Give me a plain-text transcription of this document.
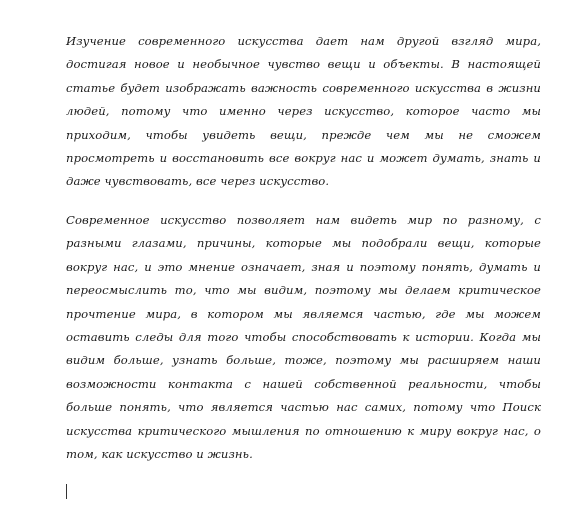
Изучение современного искусства дает нам другой взгляд мира, достигая новое и необычное чувство вещи и объекты. В настоящей статье будет изображать важность современного искусства в жизни людей, потому что именно через искусство, которое часто мы приходим, чтобы увидеть вещи, прежде чем мы не сможем просмотреть и восстановить все вокруг нас и может думать, знать и даже чувствовать, все через искусство.

Современное искусство позволяет нам видеть мир по разному, с разными глазами, причины, которые мы подобрали вещи, которые вокруг нас, и это мнение означает, зная и поэтому понять, думать и переосмыслить то, что мы видим, поэтому мы делаем критическое прочтение мира, в котором мы являемся частью, где мы можем оставить следы для того чтобы способствовать к истории. Когда мы видим больше, узнать больше, тоже, поэтому мы расширяем наши возможности контакта с нашей собственной реальности, чтобы больше понять, что является частью нас самих, потому что Поиск искусства критического мышления по отношению к миру вокруг нас, о том, как искусство и жизнь.
